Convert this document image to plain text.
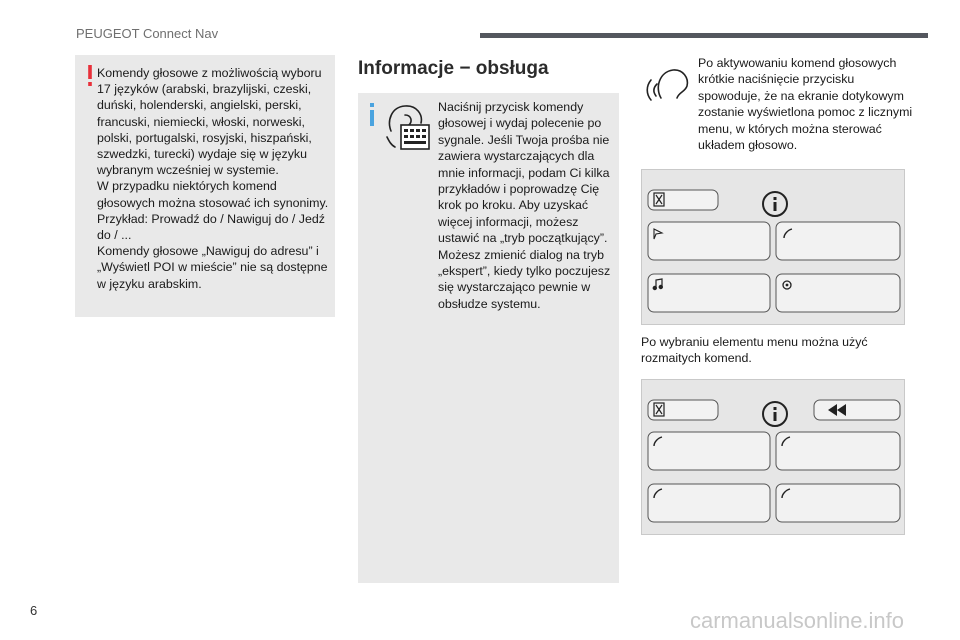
PEUGEOT Connect Nav
Komendy głosowe z możliwością wyboru 17 języków (arabski, brazylijski, czeski, duński, holenderski, angielski, perski, francuski, niemiecki, włoski, norweski, polski, portugalski, rosyjski, hiszpański, szwedzki, turecki) wydaje się w języku wybranym wcześniej w systemie.
W przypadku niektórych komend głosowych można stosować ich synonimy.
Przykład: Prowadź do / Nawiguj do / Jedź do / ...
Komendy głosowe „Nawiguj do adresu” i „Wyświetl POI w mieście” nie są dostępne w języku arabskim.
Informacje − obsługa
Naciśnij przycisk komendy głosowej i wydaj polecenie po sygnale. Jeśli Twoja prośba nie zawiera wystarczających dla mnie informacji, podam Ci kilka przykładów i poprowadzę Cię krok po kroku. Aby uzyskać więcej informacji, możesz ustawić na „tryb początkujący”. Możesz zmienić dialog na tryb „ekspert”, kiedy tylko poczujesz się wystarczająco pewnie w obsłudze systemu.
Po aktywowaniu komend głosowych krótkie naciśnięcie przycisku spowoduje, że na ekranie dotykowym zostanie wyświetlona pomoc z licznymi menu, w których można sterować układem głosowo.
Po wybraniu elementu menu można użyć rozmaitych komend.
6	carmanualsonline.info
